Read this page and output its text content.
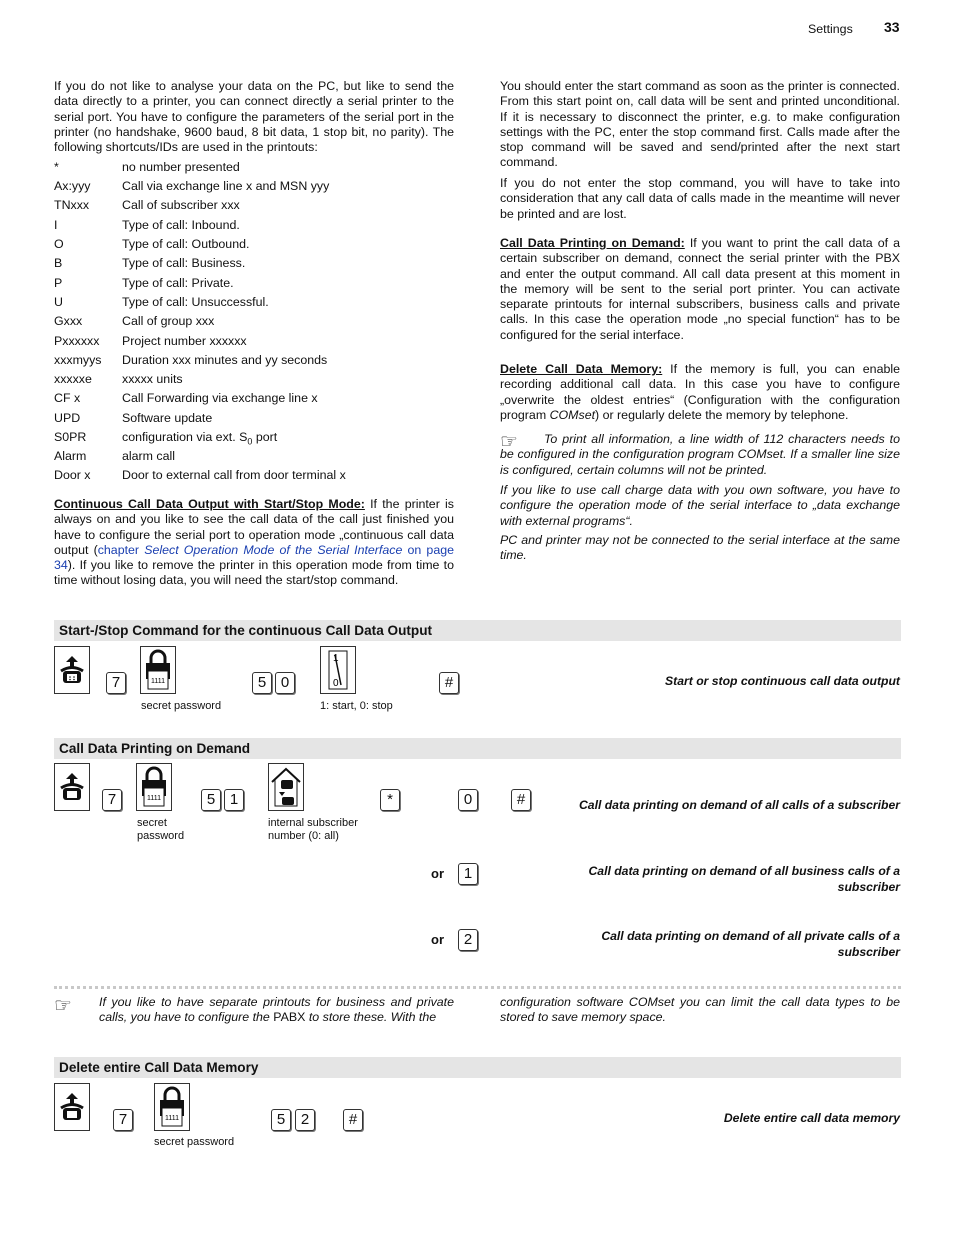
Settings 33
If you do not like to analyse your data on the PC, but like to send the data directly to a printer, you can connect directly a serial printer to the serial port. You have to configure the parameters of the serial port in the printer (no handshake, 9600 baud, 8 bit data, 1 stop bit, no parity). The following shortcuts/IDs are used in the printouts:
*	no number presented
Ax:yyy	Call via exchange line x and MSN yyy
TNxxx	Call of subscriber xxx
I	Type of call: Inbound.
O	Type of call: Outbound.
B	Type of call: Business.
P	Type of call: Private.
U	Type of call: Unsuccessful.
Gxxx	Call of group xxx
Pxxxxxx Project number xxxxxx
xxxmyys Duration xxx minutes and yy seconds
xxxxxe xxxxx units
CF x	Call Forwarding via exchange line x
UPD	Software update
S0PR	configuration via ext. $S_0$ port
Alarm	alarm call
Door x	Door to external call from door terminal x
Continuous Call Data Output with Start/Stop Mode: If the printer is always on and you like to see the call data of the call just finished you have to configure the serial port to operation mode „continuous call data output (chapter Select Operation Mode of the Serial Interface on page 34). If you like to remove the printer in this operation mode from time to time without losing data, you will need the start/stop command.
You should enter the start command as soon as the printer is connected. From this start point on, call data will be sent and printed unconditional. If it is necessary to disconnect the printer, e.g. to make configuration settings with the PC, enter the stop command first. Calls made after the stop command will be saved and send/printed after the next start command.
If you do not enter the stop command, you will have to take into consideration that any call data of calls made in the meantime will never be printed and are lost.
Call Data Printing on Demand: If you want to print the call data of a certain subscriber on demand, connect the serial printer with the PBX and enter the output command. All call data present at this moment in the memory will be sent to the serial port printer. You can activate separate printouts for internal subscribers, business calls and private calls. In this case the operation mode „no special function“ has to be configured for the serial interface.
Delete Call Data Memory: If the memory is full, you can enable recording additional call data. In this case you have to configure „overwrite the oldest entries“ (Configuration with the configuration program COMset) or regularly delete the memory by telephone.
☞	To print all information, a line width of 112 characters needs to be configured in the configuration program COMset. If a smaller line size is configured, certain columns will not be printed.
If you like to use call charge data with you own software, you have to configure the operation mode of the serial interface to „data exchange with external programs“.
PC and printer may not be connected to the serial interface at the same time.
Start-/Stop Command for the continuous Call Data Output
7	1111	5 0
1
0	#
secret password	1: start, 0: stop
Start or stop continuous call data output
Call Data Printing on Demand
7	1111	5 1	*	0	#
secret
password
internal subscriber
number (0: all)
Call data printing on demand of all calls of a subscriber
or	1	Call data printing on demand of all business calls of a subscriber
or	2	Call data printing on demand of all private calls of a subscriber
☞ If you like to have separate printouts for business and private calls, you have to configure the PABX to store these. With the
configuration software COMset you can limit the call data types to be stored to save memory space.
Delete entire Call Data Memory
7	1111	5	2	#
secret password
Delete entire call data memory
